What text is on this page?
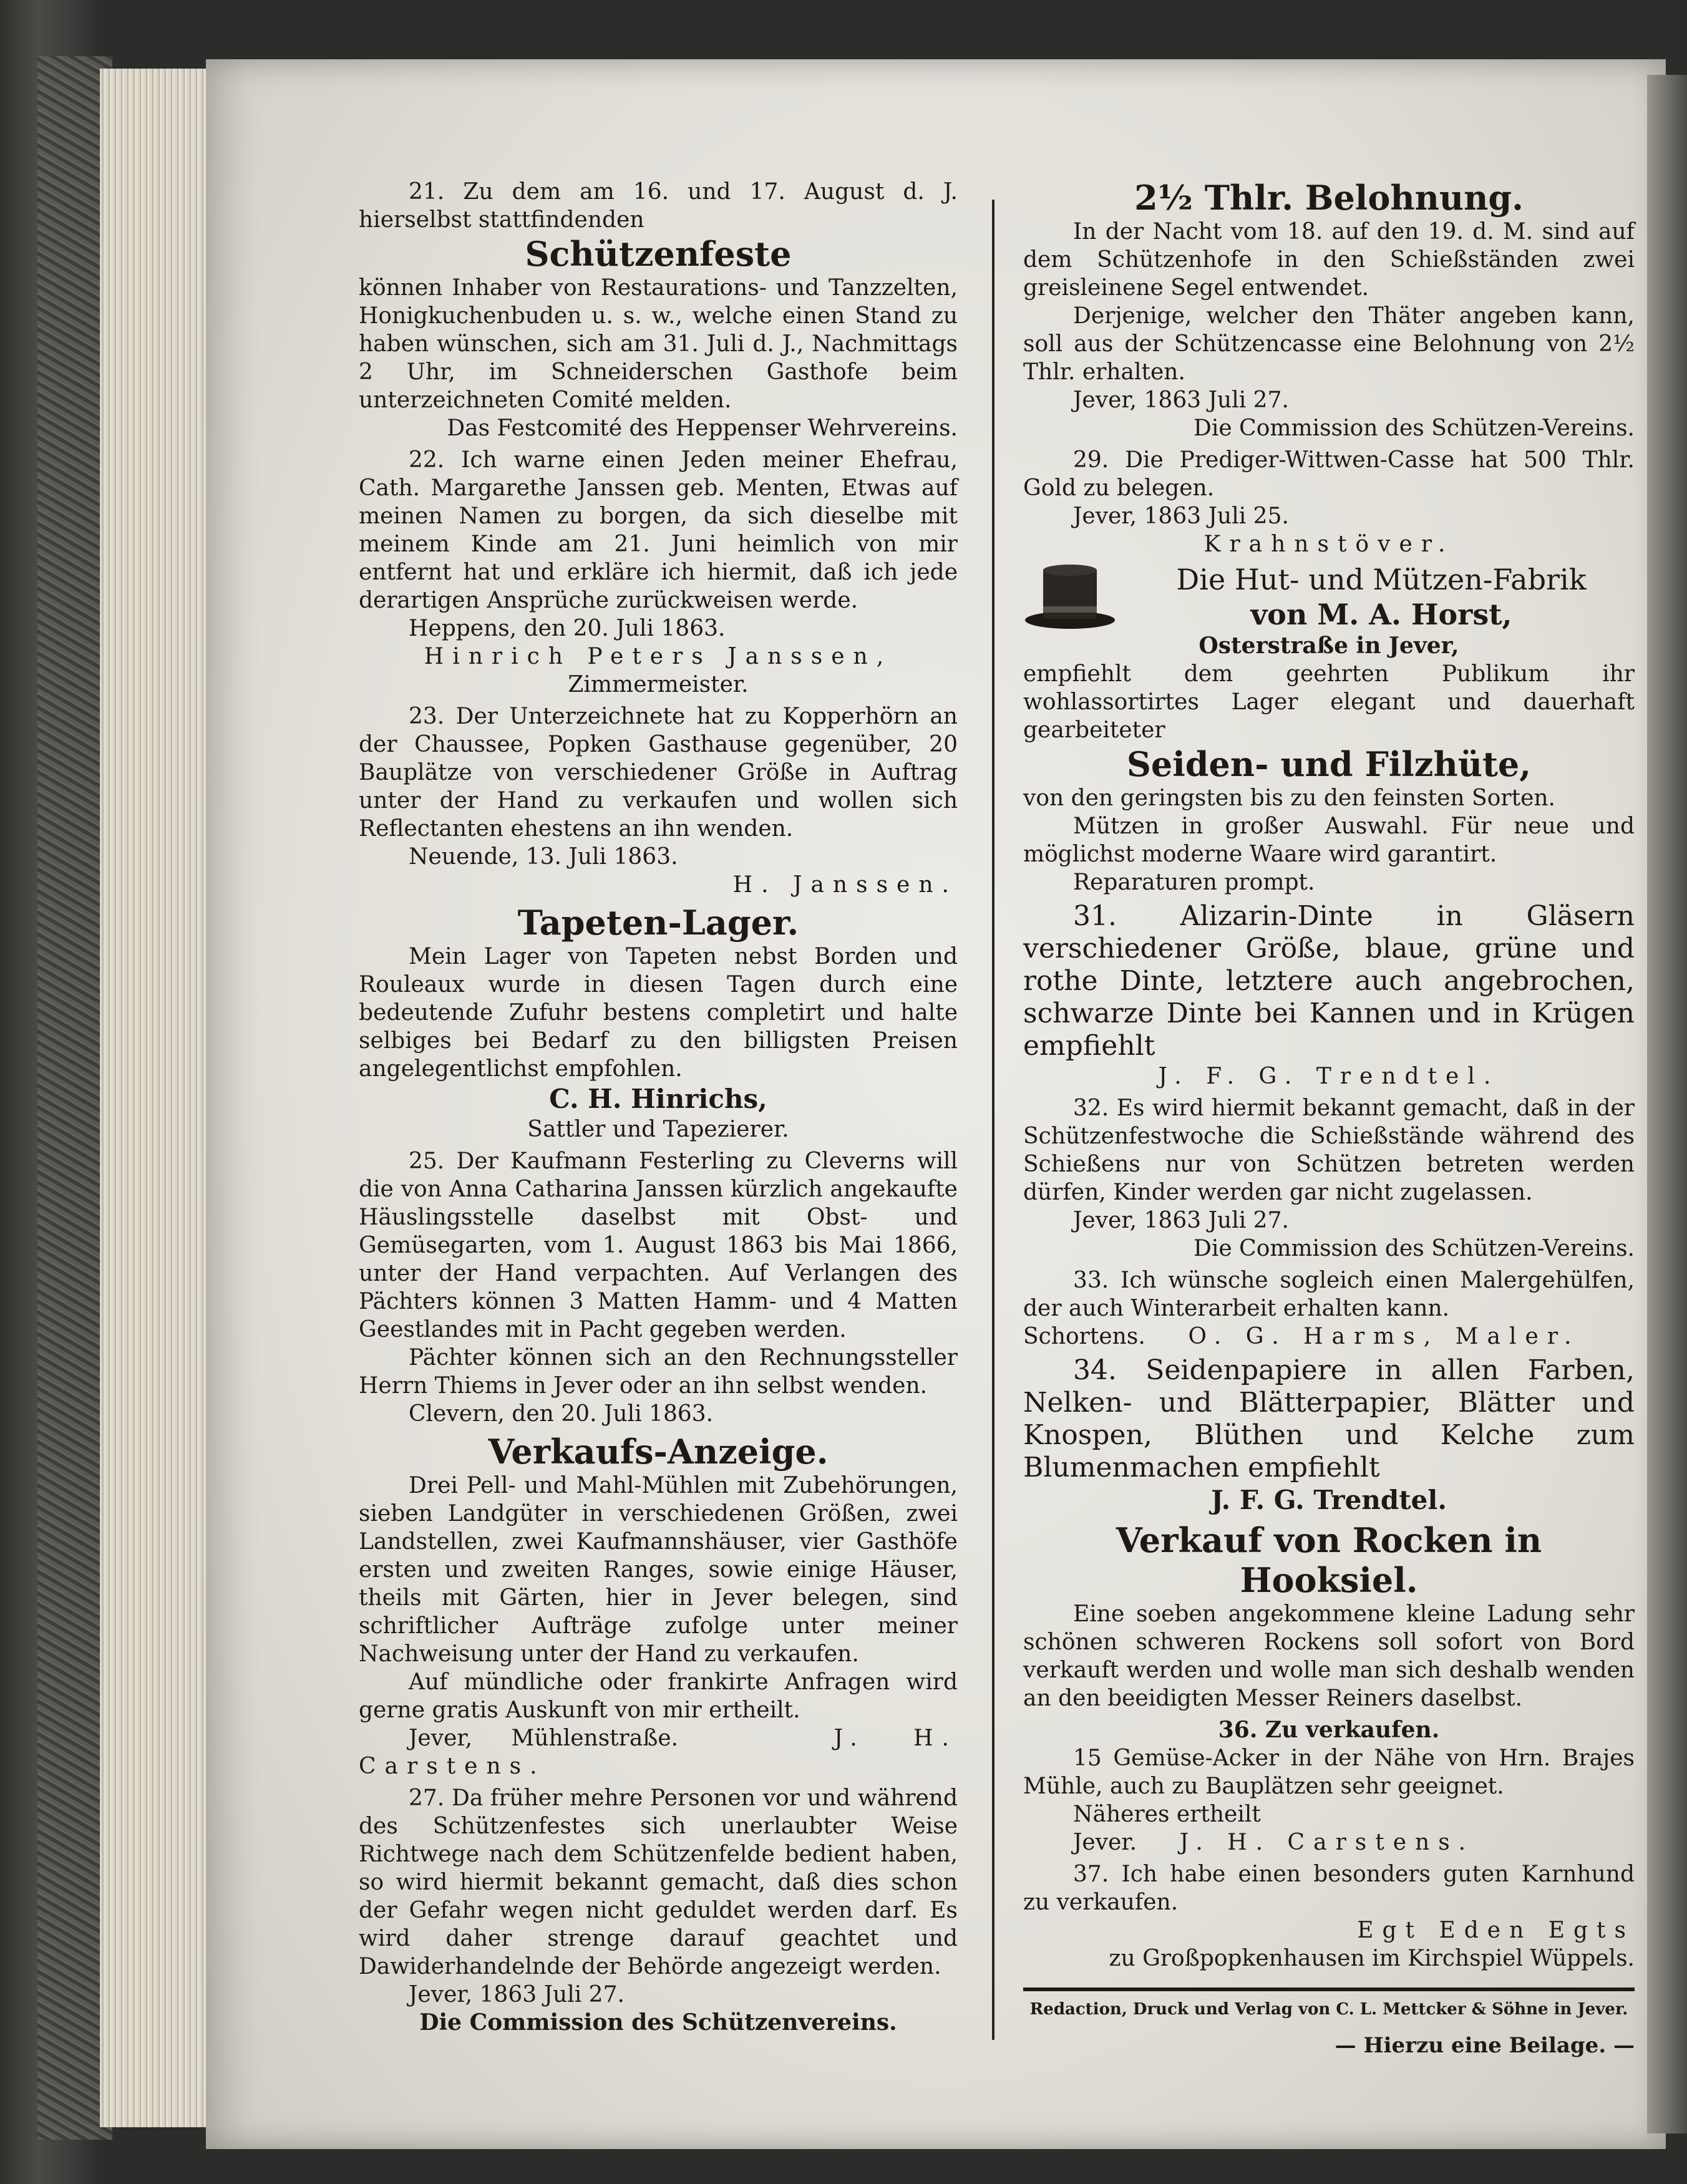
21. Zu dem am 16. und 17. August d. J. hierselbst stattfindenden

Schützenfeste

können Inhaber von Restaurations- und Tanzzelten, Honigkuchenbuden u. s. w., welche einen Stand zu haben wünschen, sich am 31. Juli d. J., Nachmittags 2 Uhr, im Schneiderschen Gasthofe beim unterzeichneten Comité melden.

Das Festcomité des Heppenser Wehrvereins.

22. Ich warne einen Jeden meiner Ehefrau, Cath. Margarethe Janssen geb. Menten, Etwas auf meinen Namen zu borgen, da sich dieselbe mit meinem Kinde am 21. Juni heimlich von mir entfernt hat und erkläre ich hiermit, daß ich jede derartigen Ansprüche zurückweisen werde.

Heppens, den 20. Juli 1863.

Hinrich Peters Janssen,

Zimmermeister.

23. Der Unterzeichnete hat zu Kopperhörn an der Chaussee, Popken Gasthause gegenüber, 20 Bauplätze von verschiedener Größe in Auftrag unter der Hand zu verkaufen und wollen sich Reflectanten ehestens an ihn wenden.

Neuende, 13. Juli 1863.

H. Janssen.

Tapeten-Lager.

Mein Lager von Tapeten nebst Borden und Rouleaux wurde in diesen Tagen durch eine bedeutende Zufuhr bestens completirt und halte selbiges bei Bedarf zu den billigsten Preisen angelegentlichst empfohlen.

C. H. Hinrichs,

Sattler und Tapezierer.

25. Der Kaufmann Festerling zu Cleverns will die von Anna Catharina Janssen kürzlich angekaufte Häuslingsstelle daselbst mit Obst- und Gemüsegarten, vom 1. August 1863 bis Mai 1866, unter der Hand verpachten. Auf Verlangen des Pächters können 3 Matten Hamm- und 4 Matten Geestlandes mit in Pacht gegeben werden.

Pächter können sich an den Rechnungssteller Herrn Thiems in Jever oder an ihn selbst wenden.

Clevern, den 20. Juli 1863.

Verkaufs-Anzeige.

Drei Pell- und Mahl-Mühlen mit Zubehörungen, sieben Landgüter in verschiedenen Größen, zwei Landstellen, zwei Kaufmannshäuser, vier Gasthöfe ersten und zweiten Ranges, sowie einige Häuser, theils mit Gärten, hier in Jever belegen, sind schriftlicher Aufträge zufolge unter meiner Nachweisung unter der Hand zu verkaufen.

Auf mündliche oder frankirte Anfragen wird gerne gratis Auskunft von mir ertheilt.

Jever, Mühlenstraße.	J. H. Carstens.

27. Da früher mehre Personen vor und während des Schützenfestes sich unerlaubter Weise Richtwege nach dem Schützenfelde bedient haben, so wird hiermit bekannt gemacht, daß dies schon der Gefahr wegen nicht geduldet werden darf. Es wird daher strenge darauf geachtet und Dawiderhandelnde der Behörde angezeigt werden.

Jever, 1863 Juli 27.

Die Commission des Schützenvereins.

2½ Thlr. Belohnung.

In der Nacht vom 18. auf den 19. d. M. sind auf dem Schützenhofe in den Schießständen zwei greisleinene Segel entwendet.

Derjenige, welcher den Thäter angeben kann, soll aus der Schützencasse eine Belohnung von 2½ Thlr. erhalten.

Jever, 1863 Juli 27.

Die Commission des Schützen-Vereins.

29. Die Prediger-Wittwen-Casse hat 500 Thlr. Gold zu belegen.

Jever, 1863 Juli 25.

Krahnstöver.

Die Hut- und Mützen-Fabrik

von M. A. Horst,

Osterstraße in Jever,

empfiehlt dem geehrten Publikum ihr wohlassortirtes Lager elegant und dauerhaft gearbeiteter

Seiden- und Filzhüte,

von den geringsten bis zu den feinsten Sorten.

Mützen in großer Auswahl. Für neue und möglichst moderne Waare wird garantirt.

Reparaturen prompt.

31. Alizarin-Dinte in Gläsern verschiedener Größe, blaue, grüne und rothe Dinte, letztere auch angebrochen, schwarze Dinte bei Kannen und in Krügen empfiehlt

J. F. G. Trendtel.

32. Es wird hiermit bekannt gemacht, daß in der Schützenfestwoche die Schießstände während des Schießens nur von Schützen betreten werden dürfen, Kinder werden gar nicht zugelassen.

Jever, 1863 Juli 27.

Die Commission des Schützen-Vereins.

33. Ich wünsche sogleich einen Malergehülfen, der auch Winterarbeit erhalten kann.

Schortens. O. G. Harms, Maler.

34. Seidenpapiere in allen Farben, Nelken- und Blätterpapier, Blätter und Knospen, Blüthen und Kelche zum Blumenmachen empfiehlt

J. F. G. Trendtel.

Verkauf von Rocken in Hooksiel.

Eine soeben angekommene kleine Ladung sehr schönen schweren Rockens soll sofort von Bord verkauft werden und wolle man sich deshalb wenden an den beeidigten Messer Reiners daselbst.

36. Zu verkaufen.

15 Gemüse-Acker in der Nähe von Hrn. Brajes Mühle, auch zu Bauplätzen sehr geeignet.

Näheres ertheilt

Jever. J. H. Carstens.

37. Ich habe einen besonders guten Karnhund zu verkaufen.

Egt Eden Egts

zu Großpopkenhausen im Kirchspiel Wüppels.

Redaction, Druck und Verlag von C. L. Mettcker & Söhne in Jever.

— Hierzu eine Beilage. —
